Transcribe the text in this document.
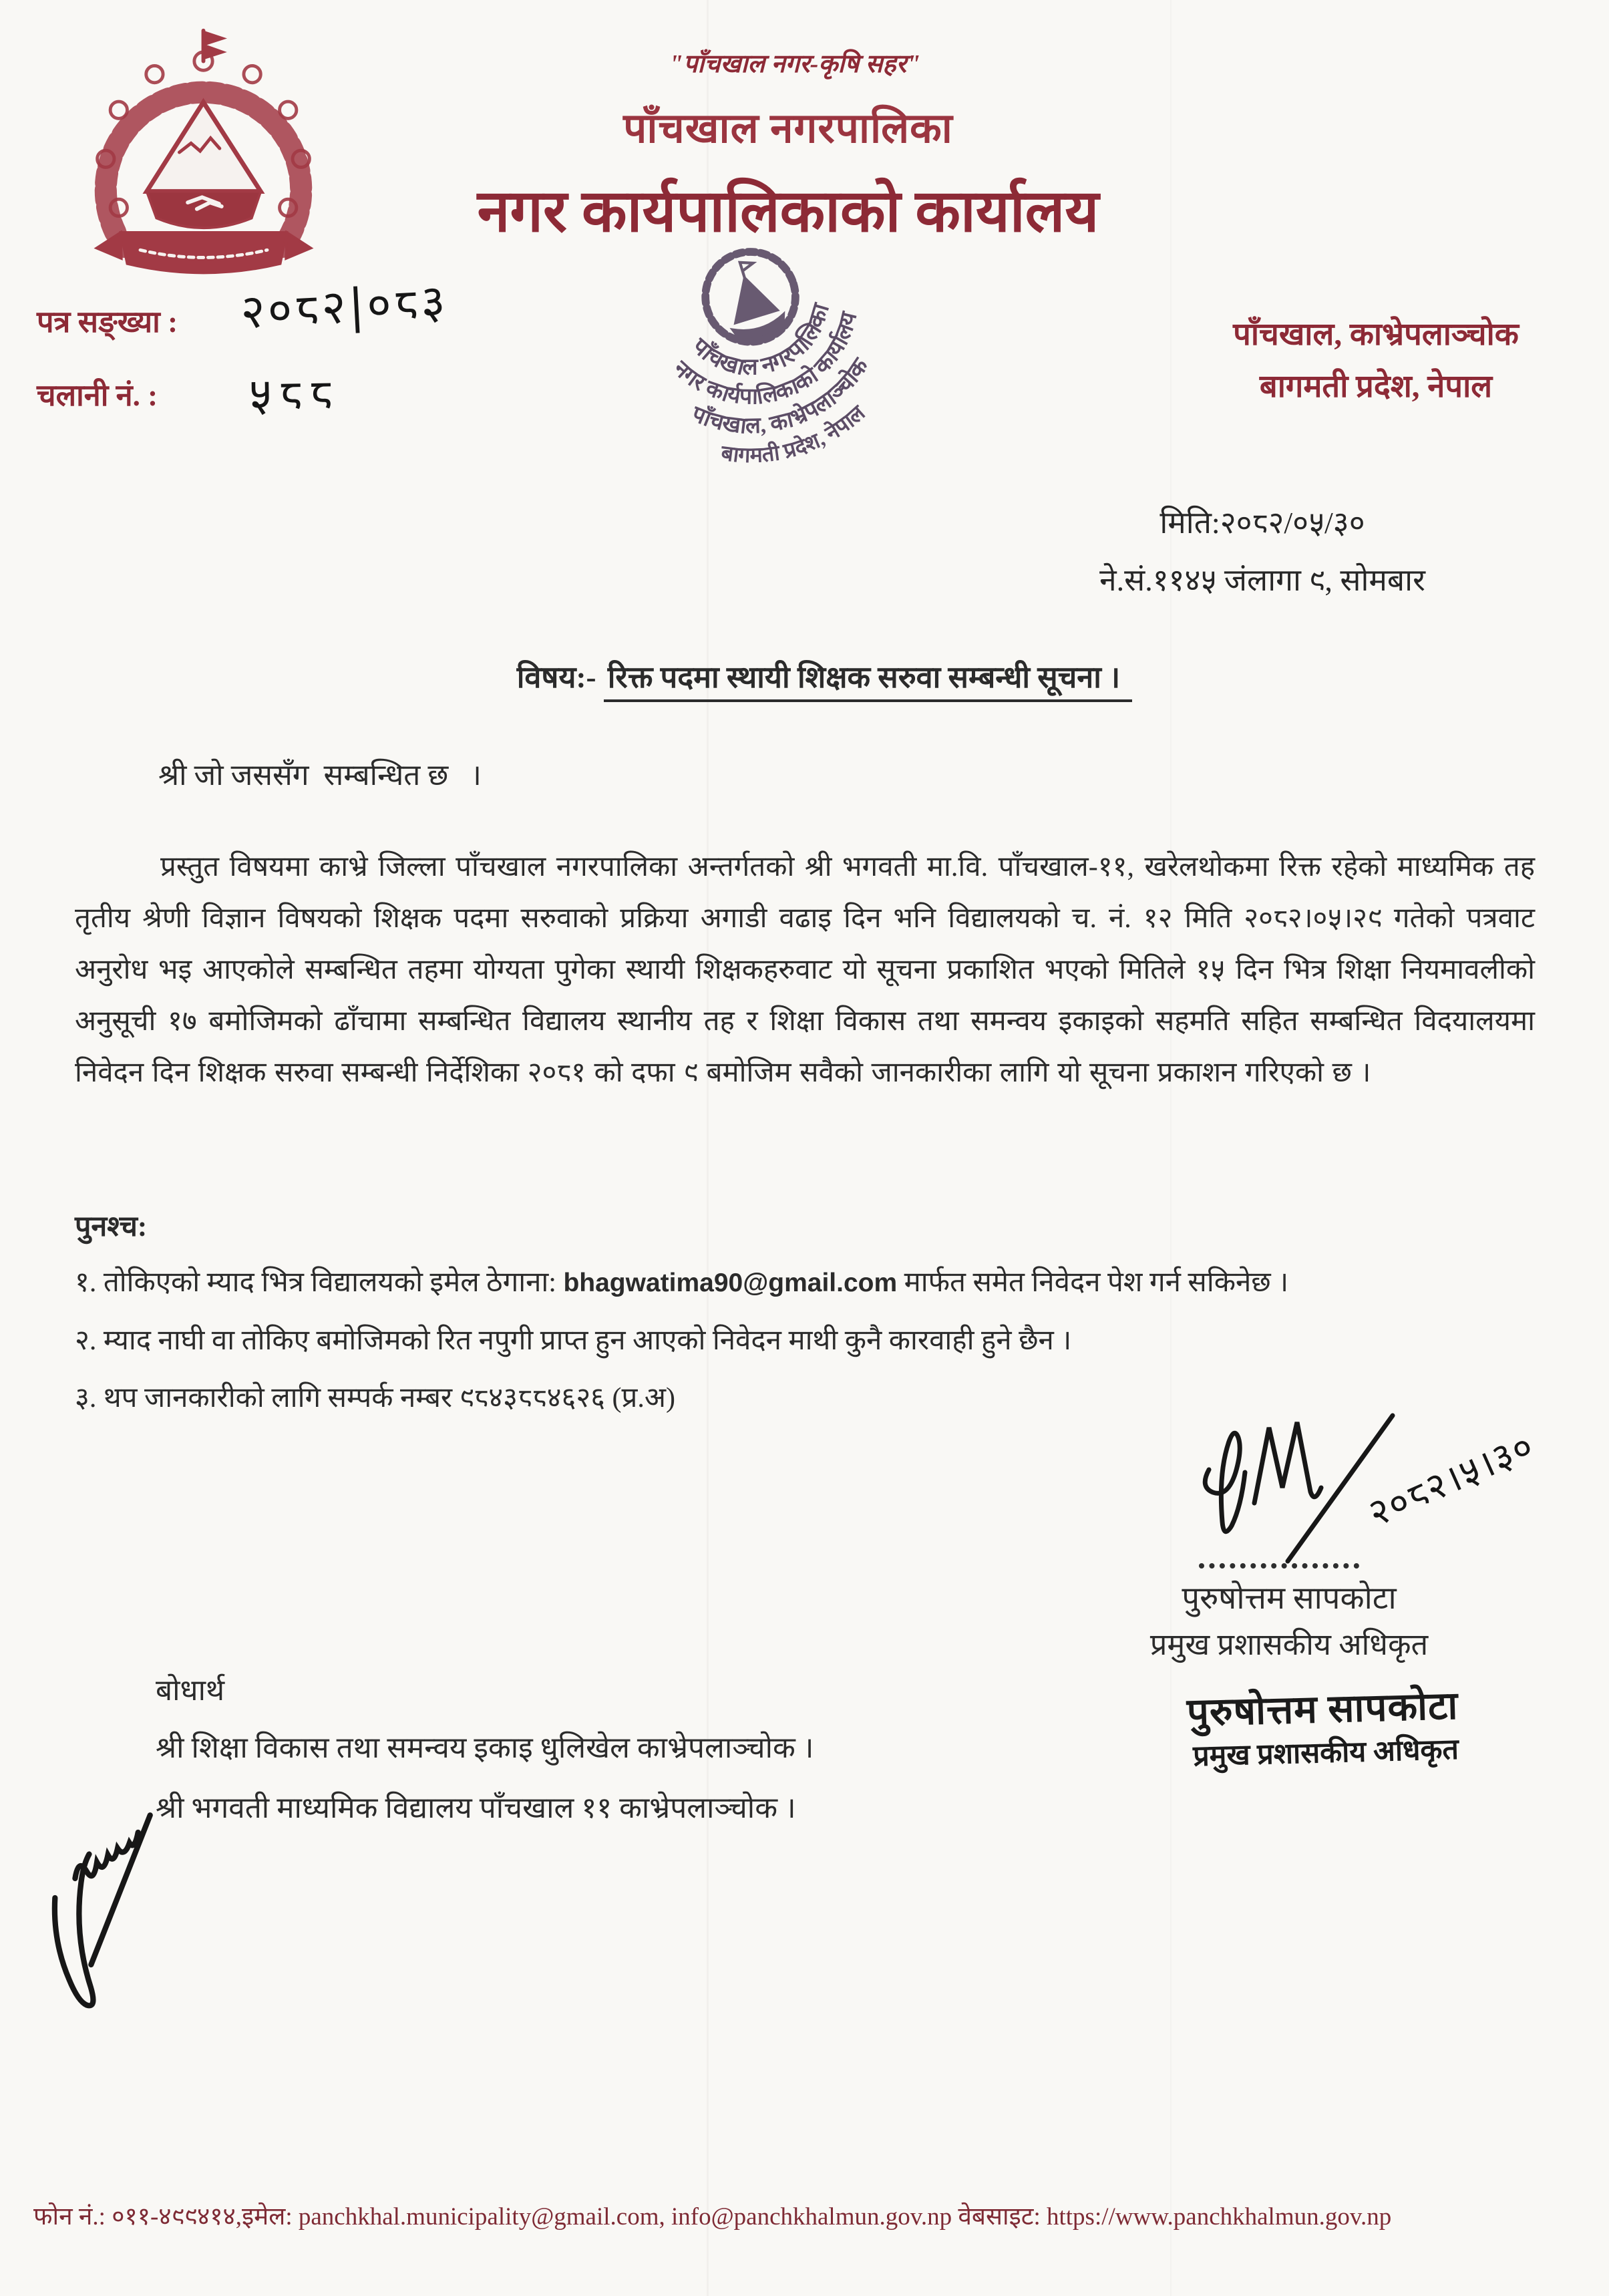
"पाँचखाल नगर-कृषि सहर"
पाँचखाल नगरपालिका
नगर कार्यपालिकाको कार्यालय
पत्र सङ्ख्या : २०८२|०८३
चलानी नं. : ५८८
पाँचखाल नगरपालिका
नगर कार्यपालिकाको कार्यालय
पाँचखाल, काभ्रेपलाञ्चोक
बागमती प्रदेश, नेपाल
पाँचखाल, काभ्रेपलाञ्चोक
बागमती प्रदेश, नेपाल
मिति:२०८२/०५/३०
ने.सं.११४५ जंलागा ९, सोमबार
विषय:- रिक्त पदमा स्थायी शिक्षक सरुवा सम्बन्धी सूचना ।
श्री जो जससँग  सम्बन्धित छ   ।
प्रस्तुत विषयमा काभ्रे जिल्ला पाँचखाल नगरपालिका अन्तर्गतको श्री भगवती मा.वि. पाँचखाल-११, खरेलथोकमा रिक्त रहेको माध्यमिक तह तृतीय श्रेणी विज्ञान विषयको शिक्षक पदमा सरुवाको प्रक्रिया अगाडी वढाइ दिन भनि विद्यालयको च. नं. १२ मिति २०८२।०५।२९ गतेको पत्रवाट अनुरोध भइ आएकोले सम्बन्धित तहमा योग्यता पुगेका स्थायी शिक्षकहरुवाट यो सूचना प्रकाशित भएको मितिले १५ दिन भित्र शिक्षा नियमावलीको अनुसूची १७ बमोजिमको ढाँचामा सम्बन्धित विद्यालय स्थानीय तह र शिक्षा विकास तथा समन्वय इकाइको सहमति सहित सम्बन्धित विदयालयमा निवेदन दिन शिक्षक सरुवा सम्बन्धी निर्देशिका २०८१ को दफा ९ बमोजिम सवैको जानकारीका लागि यो सूचना प्रकाशन गरिएको छ ।
पुनश्च:
१. तोकिएको म्याद भित्र विद्यालयको इमेल ठेगाना: bhagwatima90@gmail.com मार्फत समेत निवेदन पेश गर्न सकिनेछ ।
२. म्याद नाघी वा तोकिए बमोजिमको रित नपुगी प्राप्त हुन आएको निवेदन माथी कुनै कारवाही हुने छैन ।
३. थप जानकारीको लागि सम्पर्क नम्बर ९८४३८८४६२६ (प्र.अ)
२०८२।५।३०
पुरुषोत्तम सापकोटा
प्रमुख प्रशासकीय अधिकृत
पुरुषोत्तम सापकोटा
प्रमुख प्रशासकीय अधिकृत
बोधार्थ
श्री शिक्षा विकास तथा समन्वय इकाइ धुलिखेल काभ्रेपलाञ्चोक ।
श्री भगवती माध्यमिक विद्यालय पाँचखाल ११ काभ्रेपलाञ्चोक ।
फोन नं.: ०११-४९९४१४,इमेल: panchkhal.municipality@gmail.com, info@panchkhalmun.gov.np वेबसाइट: https://www.panchkhalmun.gov.np
